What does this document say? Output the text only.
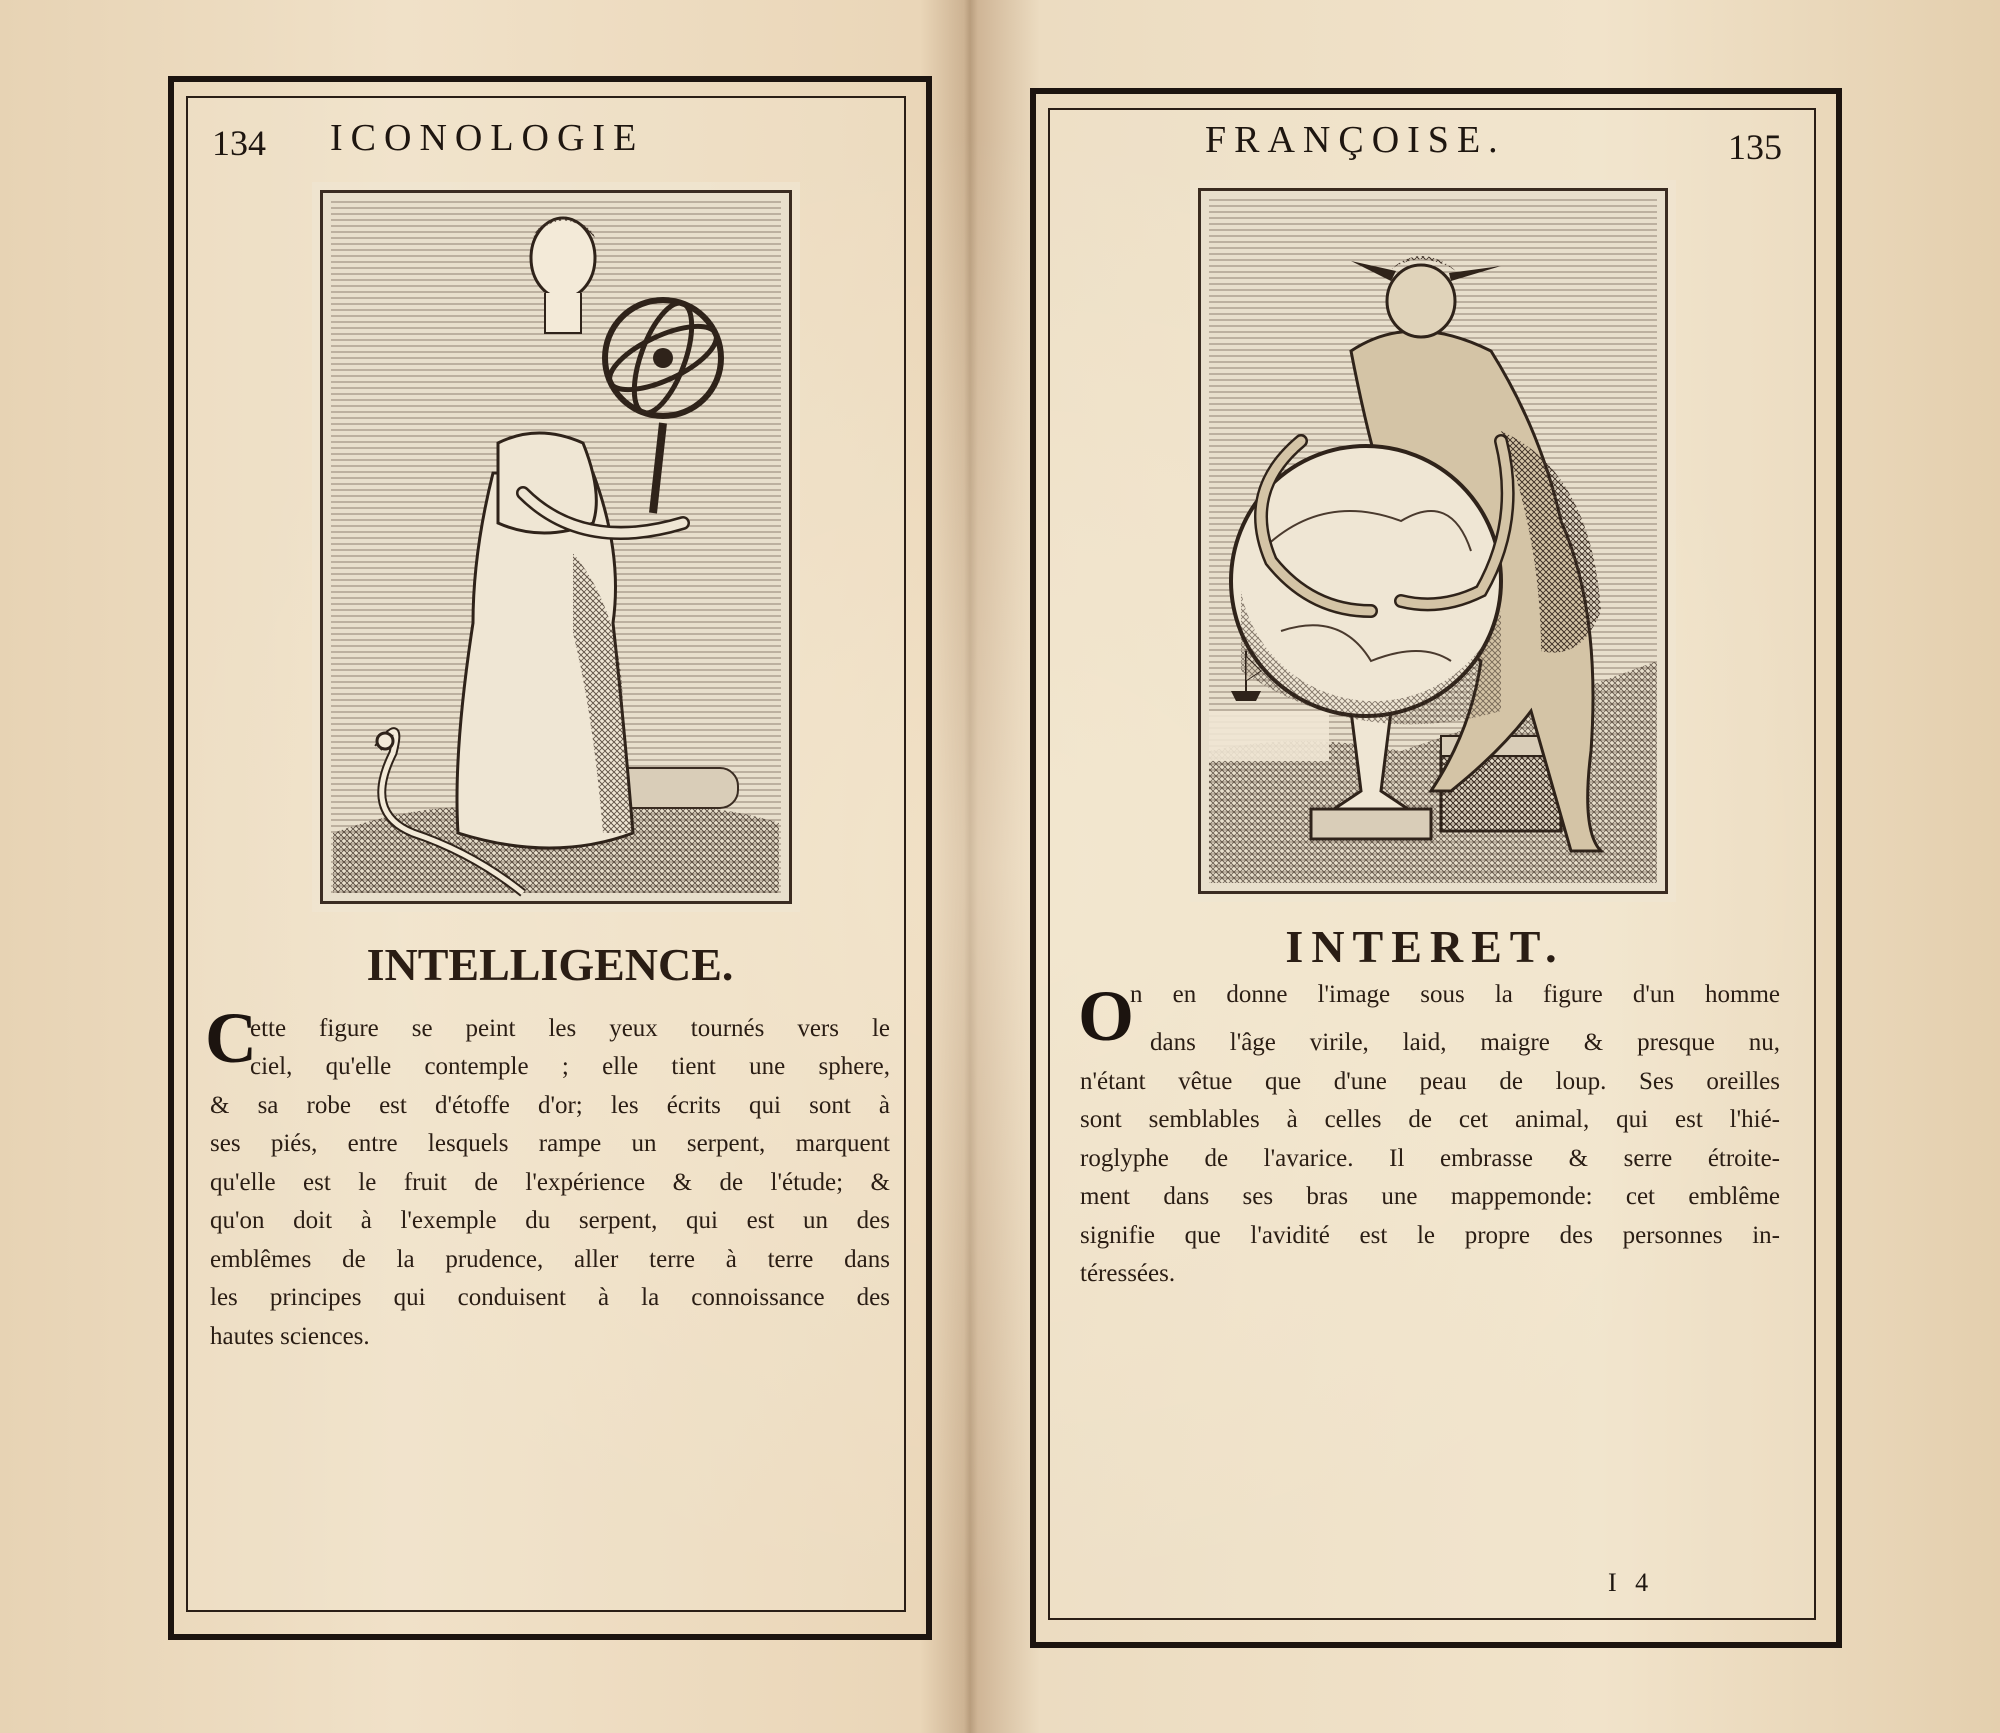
134 ICONOLOGIE
INTELLIGENCE.
C
ette figure se peint les yeux tournés vers le
ciel, qu'elle contemple ; elle tient une sphere,
& sa robe est d'étoffe d'or; les écrits qui sont à
ses piés, entre lesquels rampe un serpent, marquent
qu'elle est le fruit de l'expérience & de l'étude; &
qu'on doit à l'exemple du serpent, qui est un des
emblêmes de la prudence, aller terre à terre dans
les principes qui conduisent à la connoissance des
hautes sciences.
FRANÇOISE.	135
INTERET.
O
n en donne l'image sous la figure d'un homme
dans l'âge virile, laid, maigre & presque nu,
n'étant vêtue que d'une peau de loup. Ses oreilles
sont semblables à celles de cet animal, qui est l'hié-
roglyphe de l'avarice. Il embrasse & serre étroite-
ment dans ses bras une mappemonde: cet emblême
signifie que l'avidité est le propre des personnes in-
téressées.
I 4
